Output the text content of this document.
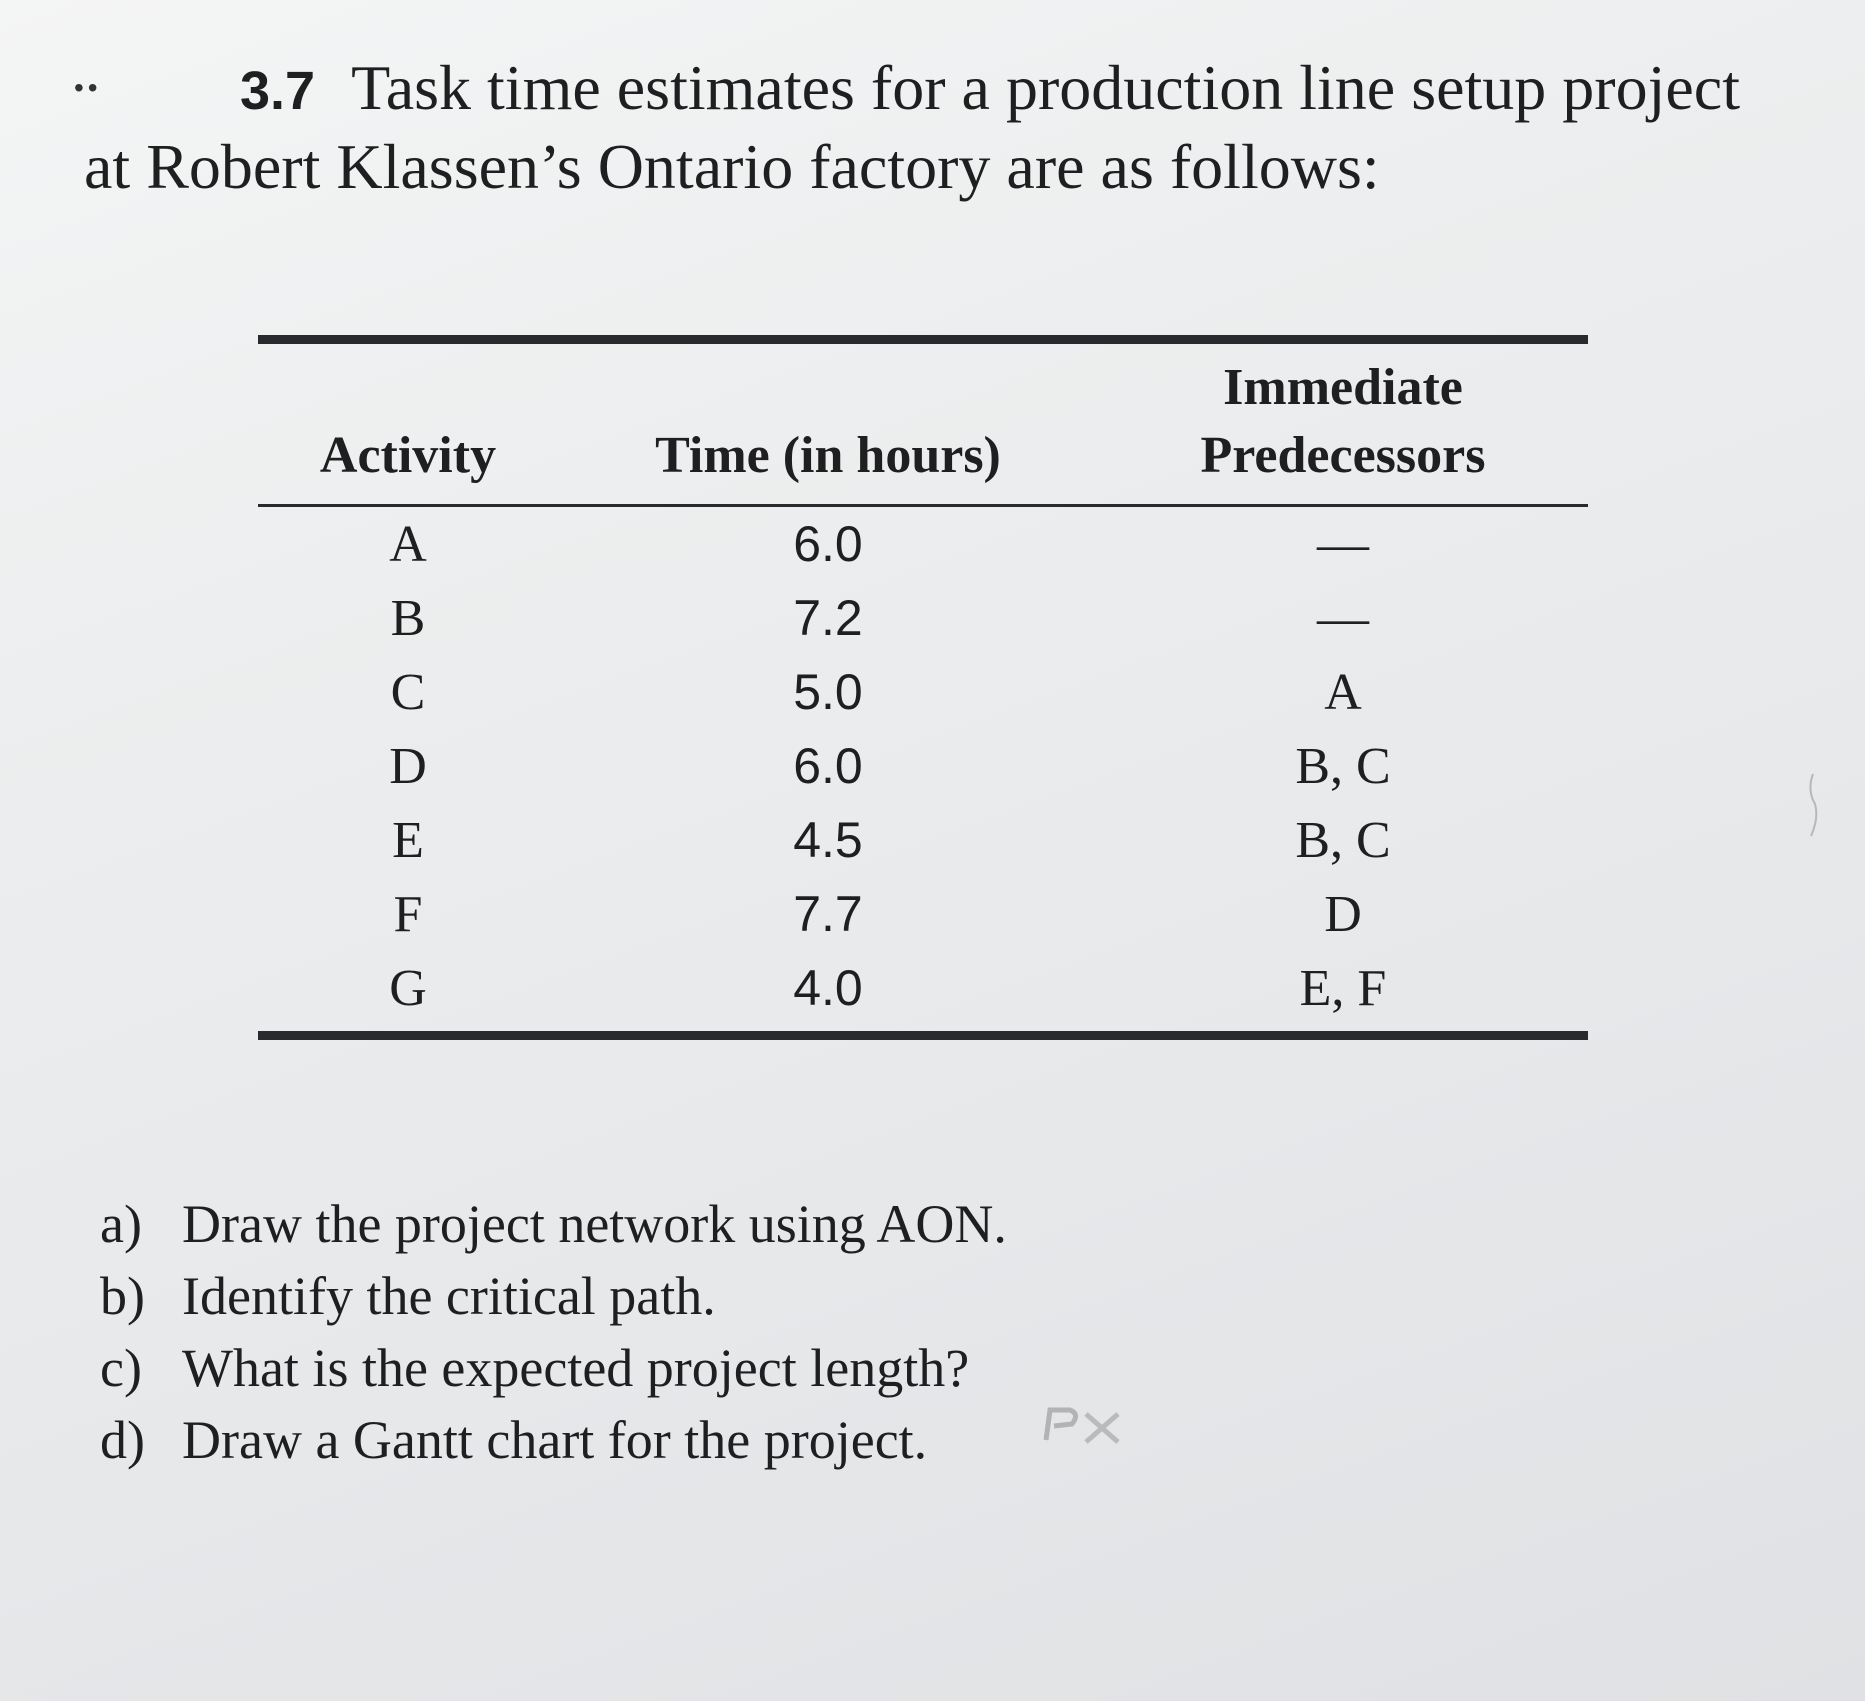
••	3.7 Task time estimates for a production line setup project at Robert Klassen’s Ontario factory are as follows:
Activity	Time (in hours)	
Immediate
Predecessors
A	6.0	—
B	7.2	—
C	5.0	A
D	6.0	B, C
E	4.5	B, C
F	7.7	D
G	4.0	E, F
a) Draw the project network using AON.
b) Identify the critical path.
c) What is the expected project length?
d) Draw a Gantt chart for the project.
